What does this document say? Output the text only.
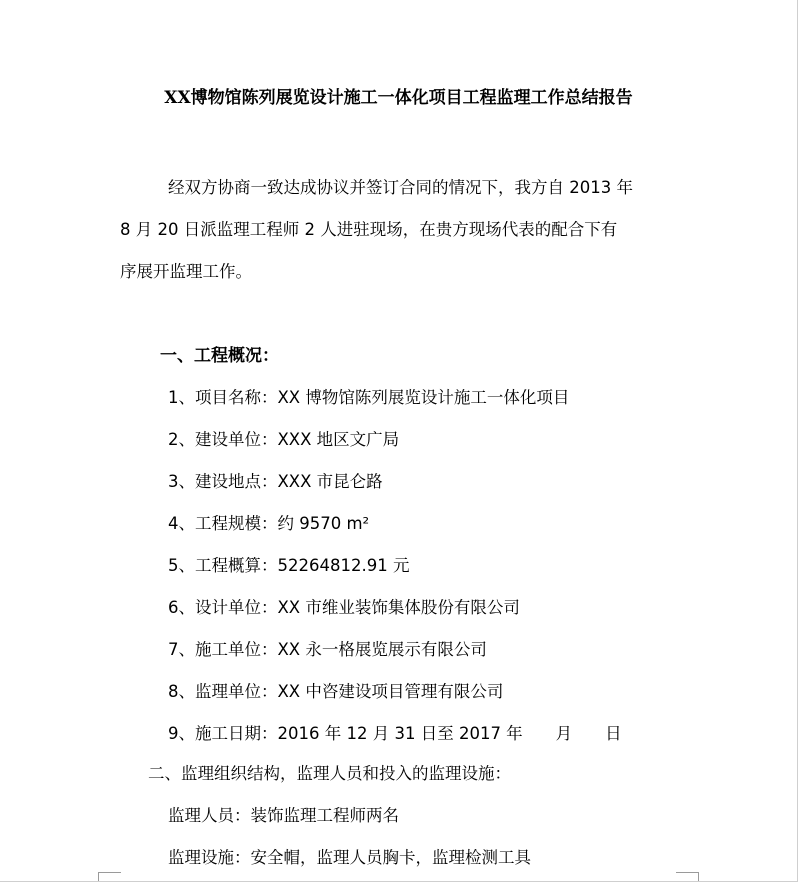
XX博物馆陈列展览设计施工一体化项目工程监理工作总结报告
经双方协商一致达成协议并签订合同的情况下，我方自 2013 年
8 月 20 日派监理工程师 2 人进驻现场，在贵方现场代表的配合下有
序展开监理工作。
一、工程概况：
1、项目名称：XX 博物馆陈列展览设计施工一体化项目
2、建设单位：XXX 地区文广局
3、建设地点：XXX 市昆仑路
4、工程规模：约 9570 m²
5、工程概算：52264812.91 元
6、设计单位：XX 市维业装饰集体股份有限公司
7、施工单位：XX 永一格展览展示有限公司
8、监理单位：XX 中咨建设项目管理有限公司
9、施工日期：2016 年 12 月 31 日至 2017 年　　月　　日
二、监理组织结构，监理人员和投入的监理设施：
监理人员：装饰监理工程师两名
监理设施：安全帽，监理人员胸卡，监理检测工具
